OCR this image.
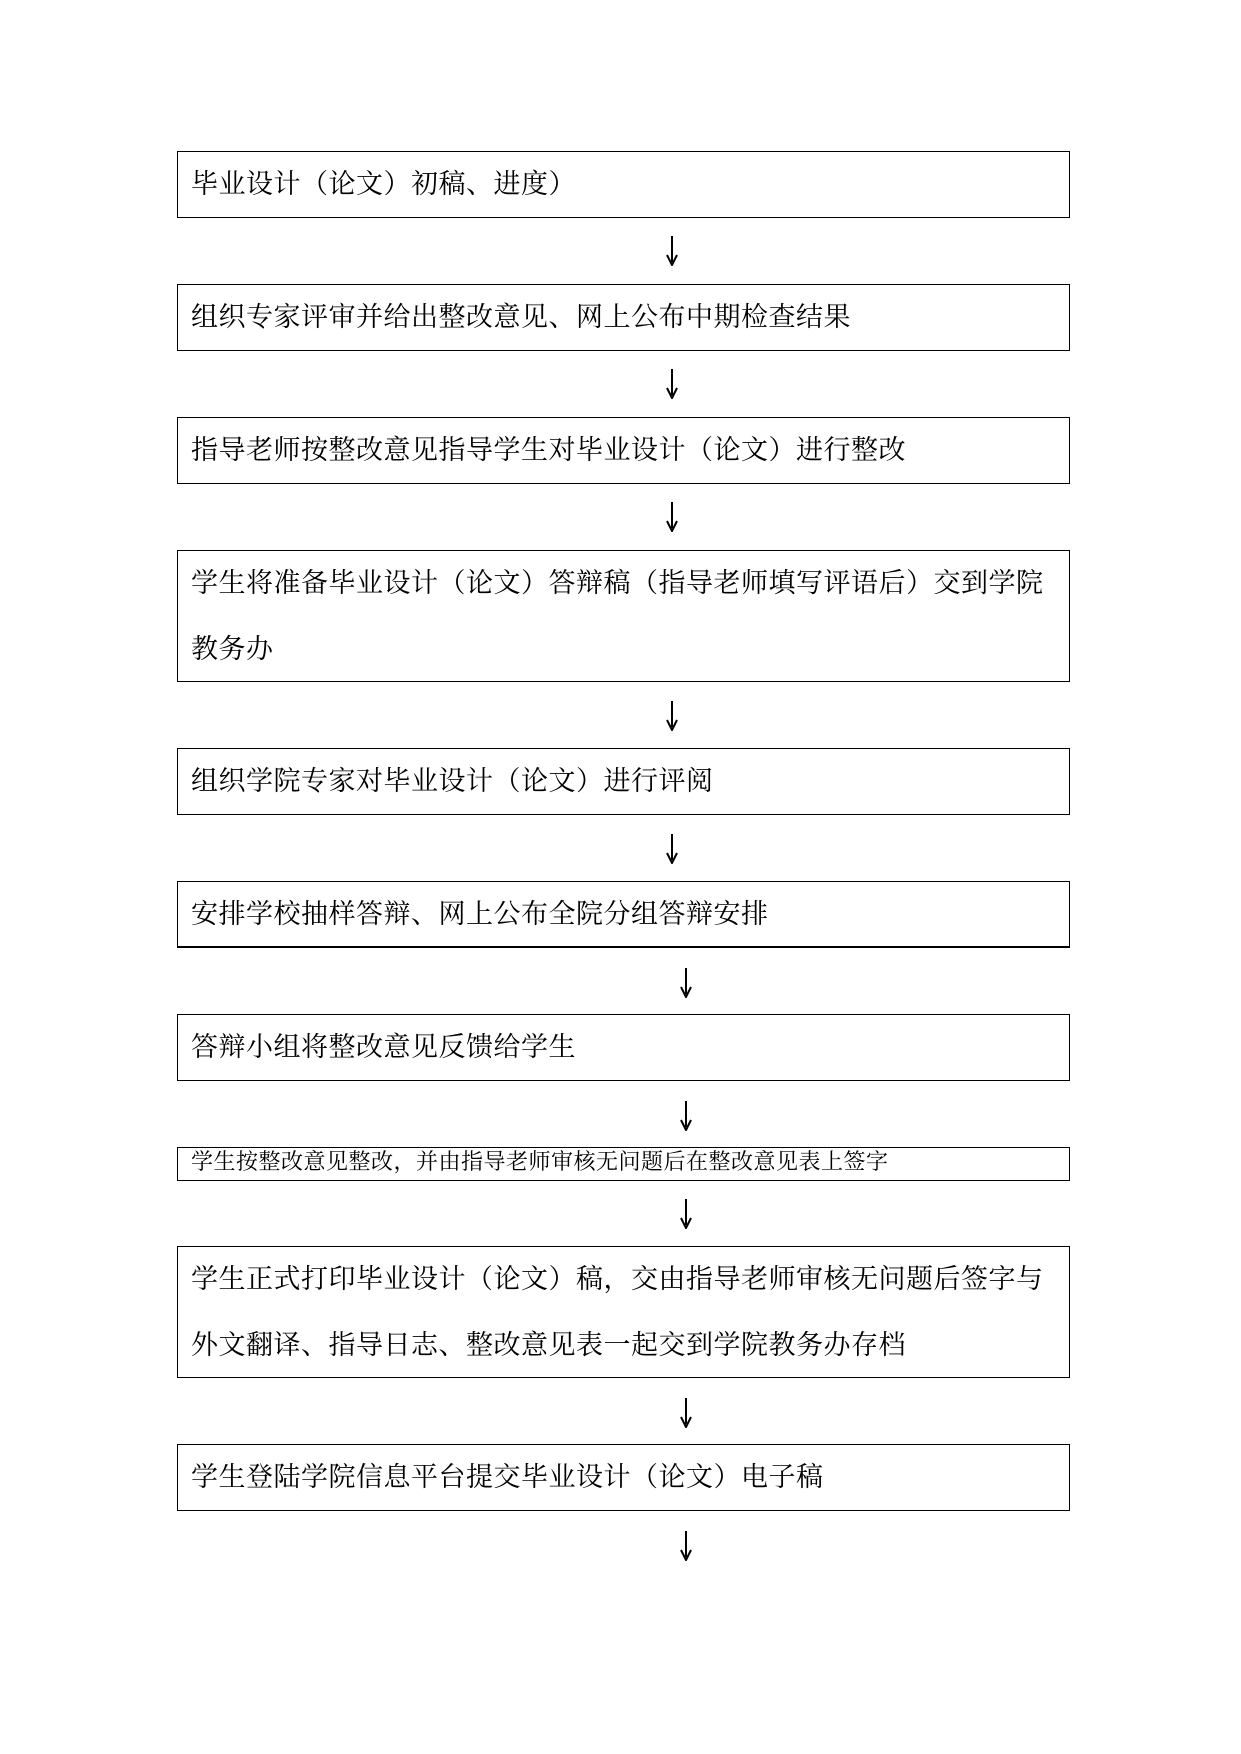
毕业设计（论文）初稿、进度）
组织专家评审并给出整改意见、网上公布中期检查结果
指导老师按整改意见指导学生对毕业设计（论文）进行整改
学生将准备毕业设计（论文）答辩稿（指导老师填写评语后）交到学院教务办
组织学院专家对毕业设计（论文）进行评阅
安排学校抽样答辩、网上公布全院分组答辩安排
答辩小组将整改意见反馈给学生
学生按整改意见整改，并由指导老师审核无问题后在整改意见表上签字
学生正式打印毕业设计（论文）稿，交由指导老师审核无问题后签字与外文翻译、指导日志、整改意见表一起交到学院教务办存档
学生登陆学院信息平台提交毕业设计（论文）电子稿
